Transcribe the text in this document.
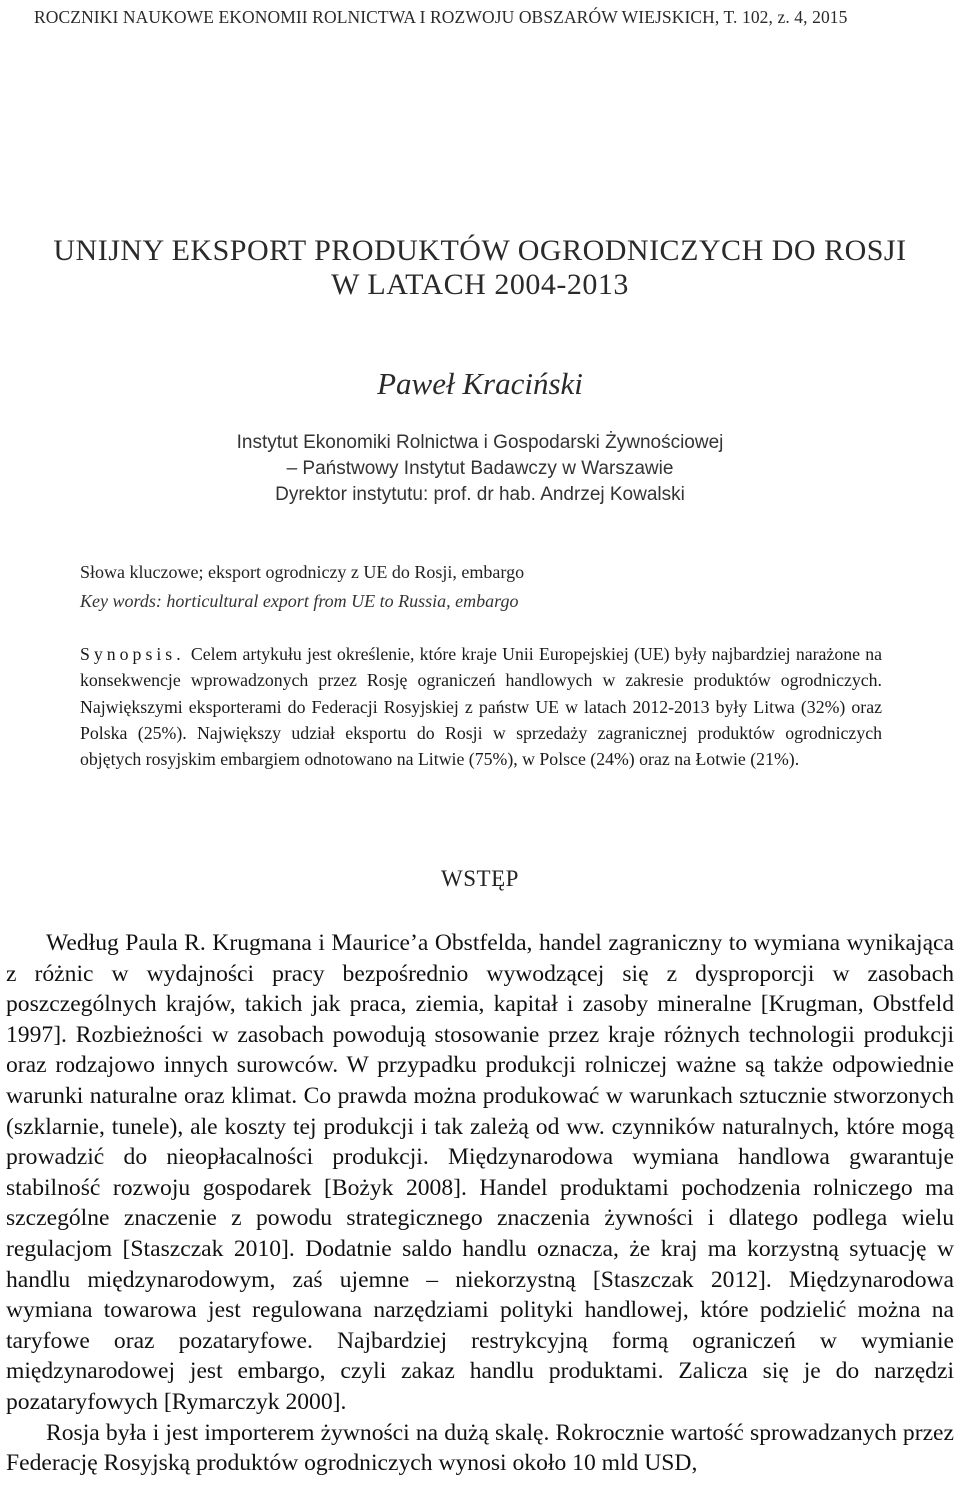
ROCZNIKI NAUKOWE EKONOMII ROLNICTWA I ROZWOJU OBSZARÓW WIEJSKICH, T. 102, z. 4, 2015
UNIJNY EKSPORT PRODUKTÓW OGRODNICZYCH DO ROSJI
W LATACH 2004-2013
Paweł Kraciński
Instytut Ekonomiki Rolnictwa i Gospodarski Żywnościowej
– Państwowy Instytut Badawczy w Warszawie
Dyrektor instytutu: prof. dr hab. Andrzej Kowalski
Słowa kluczowe; eksport ogrodniczy z UE do Rosji, embargo
Key words: horticultural export from UE to Russia, embargo
Synopsis. Celem artykułu jest określenie, które kraje Unii Europejskiej (UE) były najbardziej narażone na konsekwencje wprowadzonych przez Rosję ograniczeń handlowych w zakresie produktów ogrodniczych. Największymi eksporterami do Federacji Rosyjskiej z państw UE w latach 2012-2013 były Litwa (32%) oraz Polska (25%). Największy udział eksportu do Rosji w sprzedaży zagranicznej produktów ogrodniczych objętych rosyjskim embargiem odnotowano na Litwie (75%), w Polsce (24%) oraz na Łotwie (21%).
WSTĘP

Według Paula R. Krugmana i Maurice’a Obstfelda, handel zagraniczny to wymiana wynikająca z różnic w wydajności pracy bezpośrednio wywodzącej się z dysproporcji w zasobach poszczególnych krajów, takich jak praca, ziemia, kapitał i zasoby mineralne [Krugman, Obstfeld 1997]. Rozbieżności w zasobach powodują stosowanie przez kraje różnych technologii produkcji oraz rodzajowo innych surowców. W przypadku produkcji rolniczej ważne są także odpowiednie warunki naturalne oraz klimat. Co prawda można produkować w warunkach sztucznie stworzonych (szklarnie, tunele), ale koszty tej produkcji i tak zależą od ww. czynników naturalnych, które mogą prowadzić do nieopłacalności produkcji. Międzynarodowa wymiana handlowa gwarantuje stabilność rozwoju gospodarek [Bożyk 2008]. Handel produktami pochodzenia rolniczego ma szczególne znaczenie z powodu strategicznego znaczenia żywności i dlatego podlega wielu regulacjom [Staszczak 2010]. Dodatnie saldo handlu oznacza, że kraj ma korzystną sytuację w handlu międzynarodowym, zaś ujemne – niekorzystną [Staszczak 2012]. Międzynarodowa wymiana towarowa jest regulowana narzędziami polityki handlowej, które podzielić można na taryfowe oraz pozataryfowe. Najbardziej restrykcyjną formą ograniczeń w wymianie międzynarodowej jest embargo, czyli zakaz handlu produktami. Zalicza się je do narzędzi pozataryfowych [Rymarczyk 2000].

Rosja była i jest importerem żywności na dużą skalę. Rokrocznie wartość sprowadzanych przez Federację Rosyjską produktów ogrodniczych wynosi około 10 mld USD,
